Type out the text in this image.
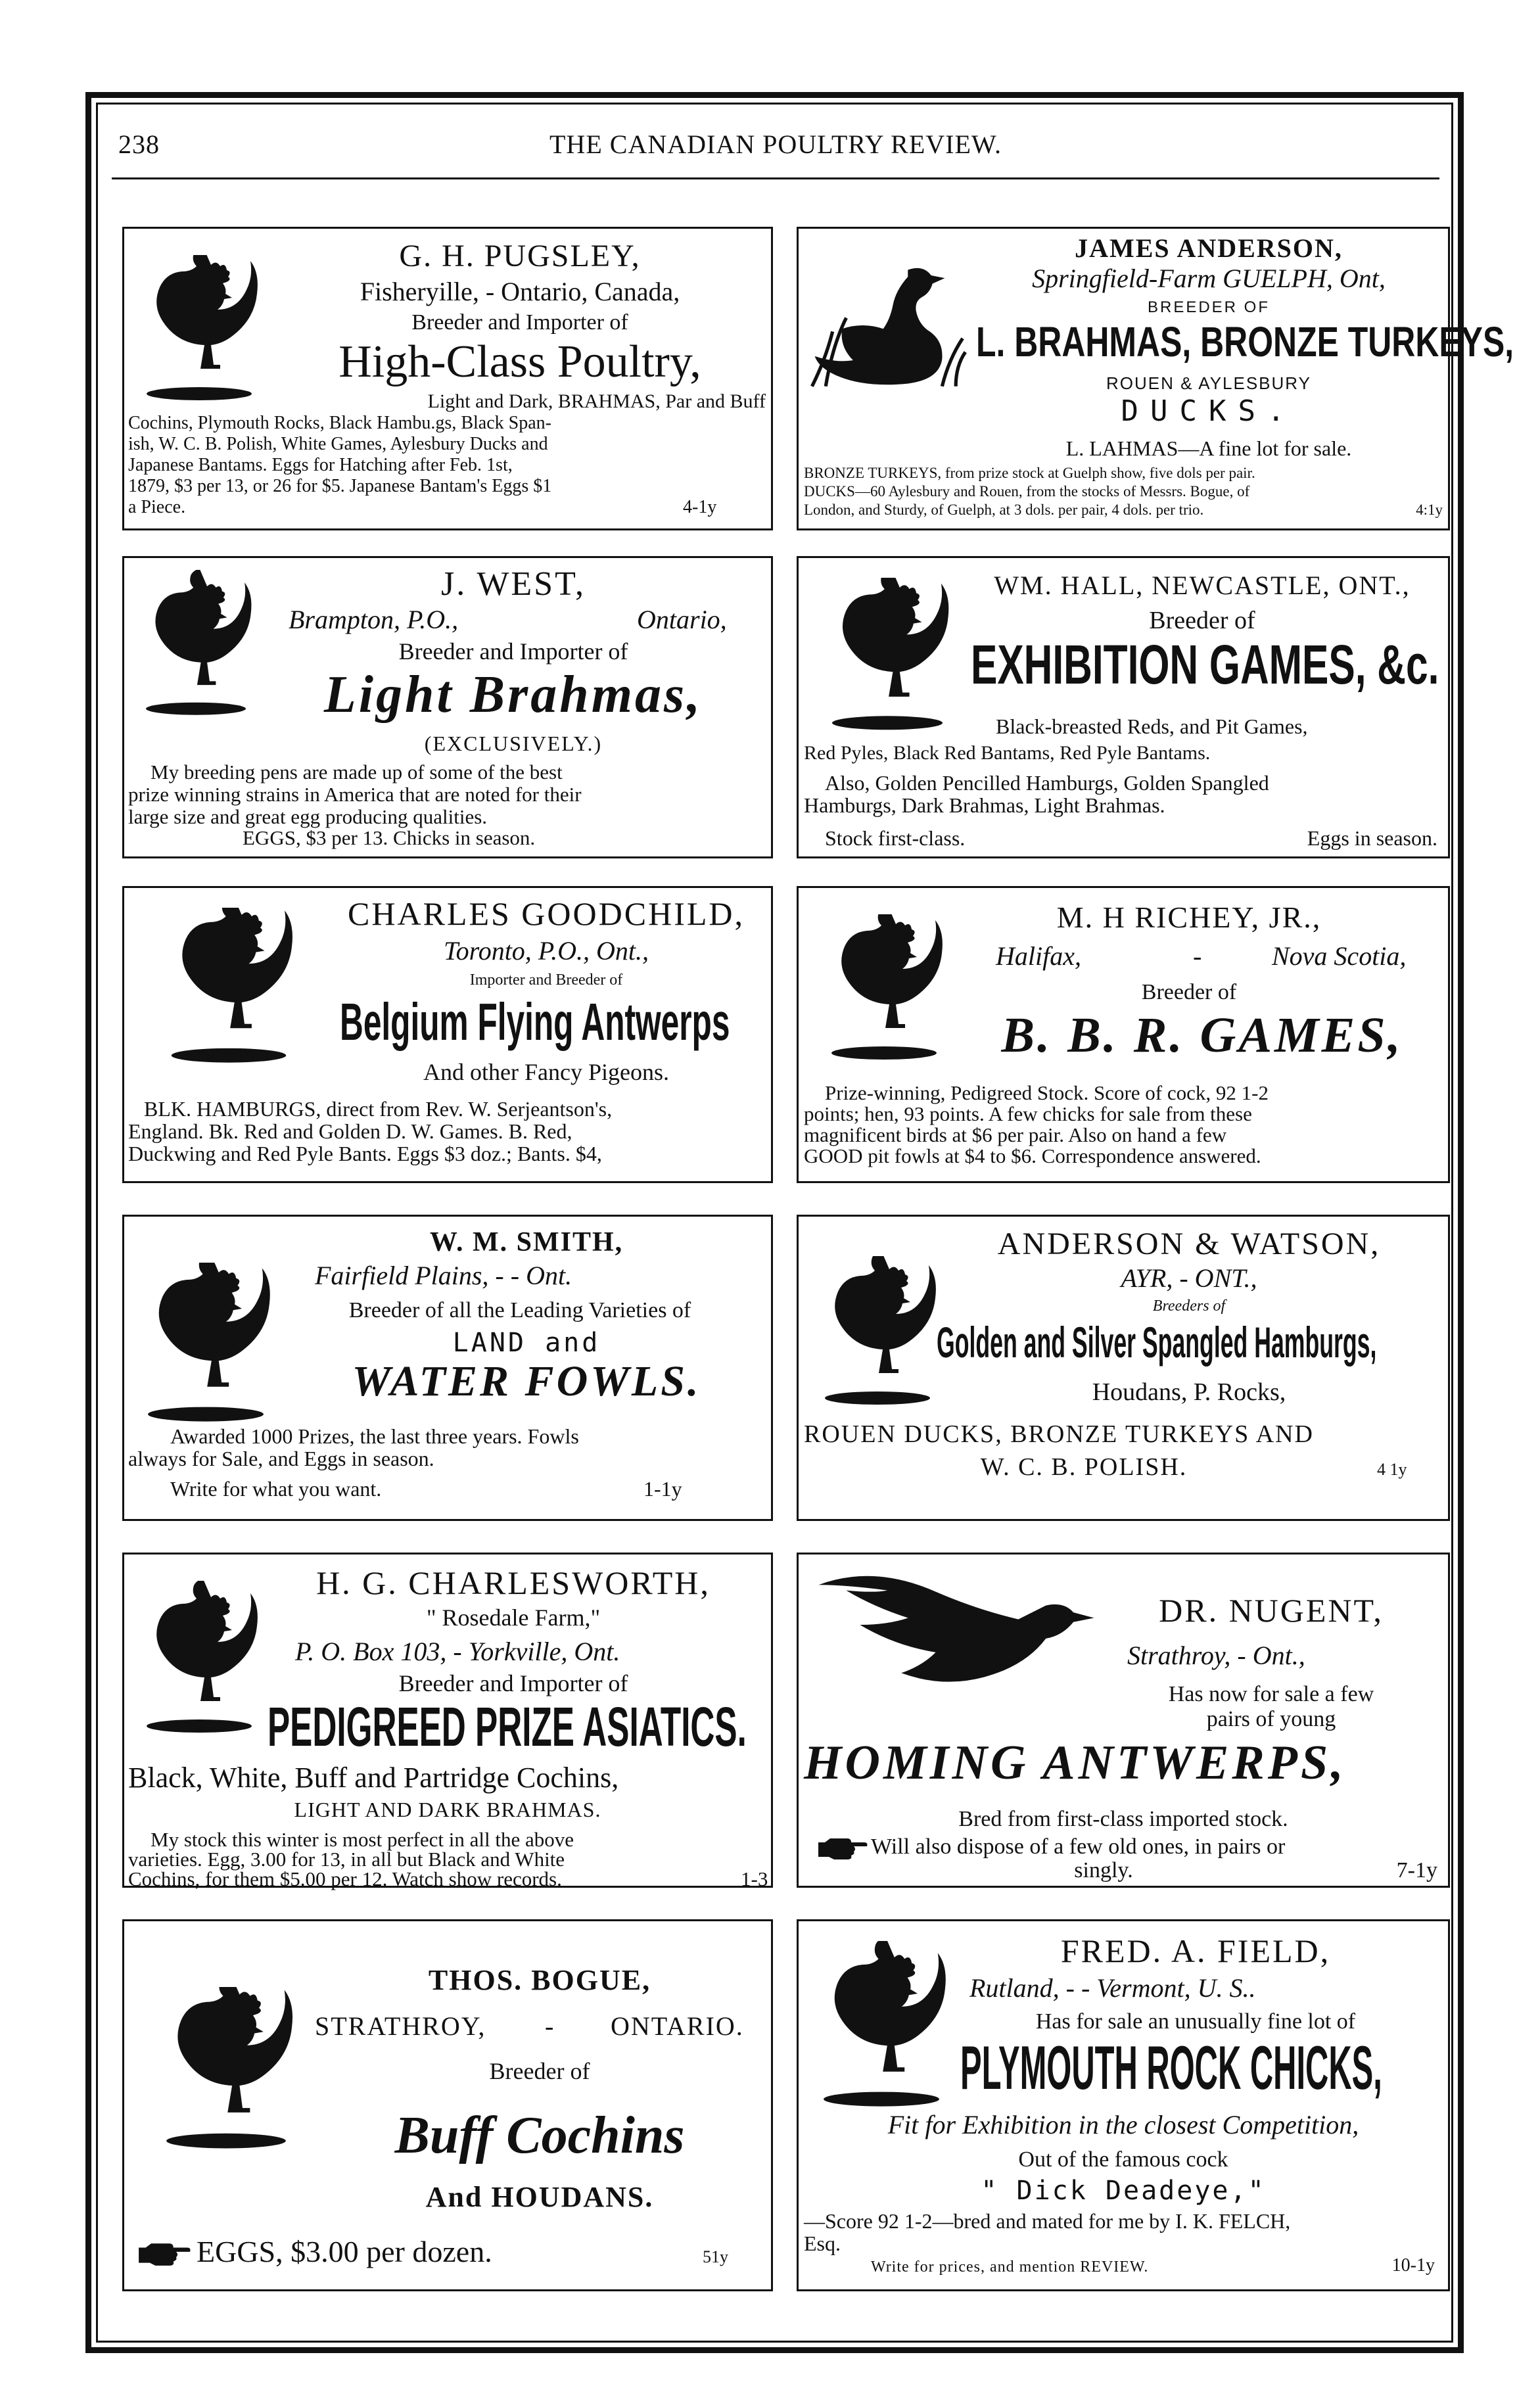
238	THE CANADIAN POULTRY REVIEW.
G. H. PUGSLEY,
Fisheryille, - Ontario, Canada,
Breeder and Importer of
High-Class Poultry,
Light and Dark, BRAHMAS, Par and Buff
Cochins, Plymouth Rocks, Black Hambu.gs, Black Span-
ish, W. C. B. Polish, White Games, Aylesbury Ducks and
Japanese Bantams. Eggs for Hatching after Feb. 1st,
1879, $3 per 13, or 26 for $5. Japanese Bantam's Eggs $1
a Piece.	4-1y
JAMES ANDERSON,
Springfield-Farm GUELPH, Ont,
BREEDER OF
L. BRAHMAS, BRONZE TURKEYS,
ROUEN & AYLESBURY
DUCKS.
L. LAHMAS—A fine lot for sale.
BRONZE TURKEYS, from prize stock at Guelph show, five dols per pair.
DUCKS—60 Aylesbury and Rouen, from the stocks of Messrs. Bogue, of
London, and Sturdy, of Guelph, at 3 dols. per pair, 4 dols. per trio.	4:1y
J. WEST,
Brampton, P.O.,	Ontario,
Breeder and Importer of
Light Brahmas,
(EXCLUSIVELY.)
My breeding pens are made up of some of the best
prize winning strains in America that are noted for their
large size and great egg producing qualities.
EGGS, $3 per 13. Chicks in season.
WM. HALL, NEWCASTLE, ONT.,
Breeder of
EXHIBITION GAMES, &c.
Black-breasted Reds, and Pit Games,
Red Pyles, Black Red Bantams, Red Pyle Bantams.
Also, Golden Pencilled Hamburgs, Golden Spangled
Hamburgs, Dark Brahmas, Light Brahmas.
Stock first-class.	Eggs in season.
CHARLES GOODCHILD,
Toronto, P.O., Ont.,
Importer and Breeder of
Belgium Flying Antwerps
And other Fancy Pigeons.
BLK. HAMBURGS, direct from Rev. W. Serjeantson's,
England. Bk. Red and Golden D. W. Games. B. Red,
Duckwing and Red Pyle Bants. Eggs $3 doz.; Bants. $4,
M. H RICHEY, JR.,
Halifax,	-	Nova Scotia,
Breeder of
B. B. R. GAMES,
Prize-winning, Pedigreed Stock. Score of cock, 92 1-2
points; hen, 93 points. A few chicks for sale from these
magnificent birds at $6 per pair. Also on hand a few
GOOD pit fowls at $4 to $6. Correspondence answered.
W. M. SMITH,
Fairfield Plains, - - Ont.
Breeder of all the Leading Varieties of
LAND and
WATER FOWLS.
Awarded 1000 Prizes, the last three years. Fowls
always for Sale, and Eggs in season.
Write for what you want.	1-1y
ANDERSON & WATSON,
AYR, - ONT.,
Breeders of
Golden and Silver Spangled Hamburgs,
Houdans, P. Rocks,
ROUEN DUCKS, BRONZE TURKEYS AND
W. C. B. POLISH.	4 1y
H. G. CHARLESWORTH,
" Rosedale Farm,"
P. O. Box 103, - Yorkville, Ont.
Breeder and Importer of
PEDIGREED PRIZE ASIATICS.
Black, White, Buff and Partridge Cochins,
LIGHT AND DARK BRAHMAS.
My stock this winter is most perfect in all the above
varieties. Egg, 3.00 for 13, in all but Black and White
Cochins, for them $5.00 per 12. Watch show records.	1-3
DR. NUGENT,
Strathroy, - Ont.,
Has now for sale a few
pairs of young
HOMING ANTWERPS,
Bred from first-class imported stock.
Will also dispose of a few old ones, in pairs or
singly.	7-1y
THOS. BOGUE,
STRATHROY, - ONTARIO.
Breeder of
Buff Cochins
And HOUDANS.
EGGS, $3.00 per dozen.	51y
FRED. A. FIELD,
Rutland, - - Vermont, U. S..
Has for sale an unusually fine lot of
PLYMOUTH ROCK CHICKS,
Fit for Exhibition in the closest Competition,
Out of the famous cock
" Dick Deadeye,"
—Score 92 1-2—bred and mated for me by I. K. FELCH,
Esq.
Write for prices, and mention REVIEW.	10-1y
